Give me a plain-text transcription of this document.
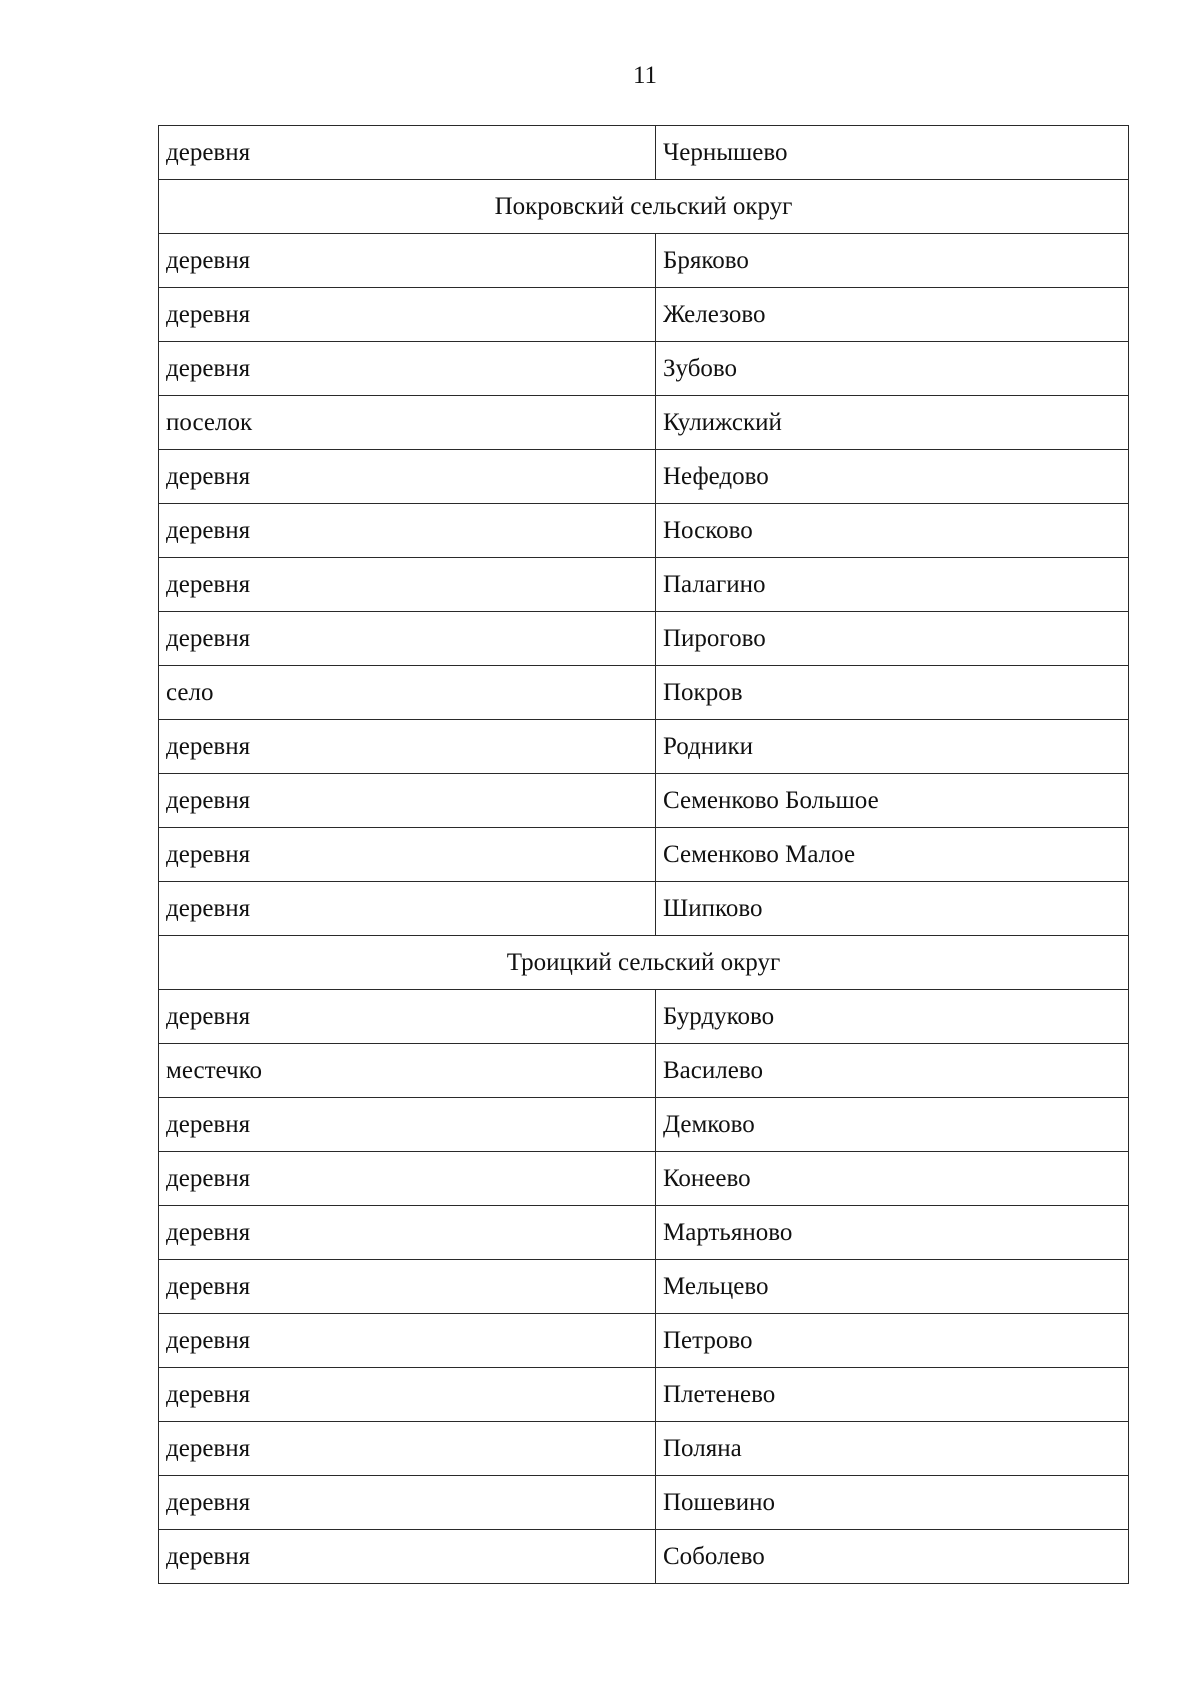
11
деревня	Чернышево
Покровский сельский округ	
деревня	Бряково
деревня	Железово
деревня	Зубово
поселок	Кулижский
деревня	Нефедово
деревня	Носково
деревня	Палагино
деревня	Пирогово
село	Покров
деревня	Родники
деревня	Семенково Большое
деревня	Семенково Малое
деревня	Шипково
Троицкий сельский округ	
деревня	Бурдуково
местечко	Василево
деревня	Демково
деревня	Конеево
деревня	Мартьяново
деревня	Мельцево
деревня	Петрово
деревня	Плетенево
деревня	Поляна
деревня	Пошевино
деревня	Соболево
